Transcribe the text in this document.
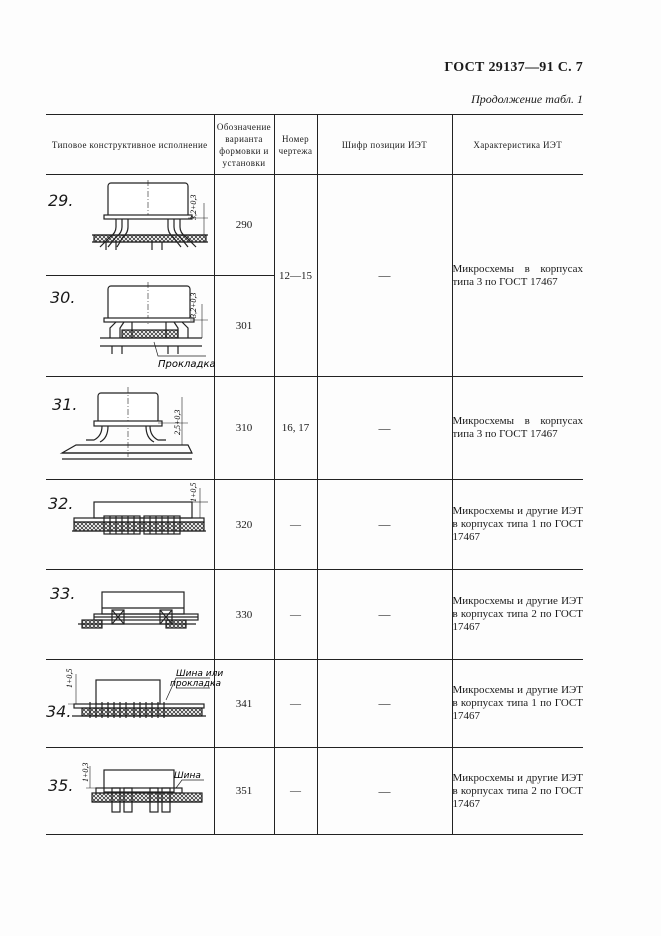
ГОСТ 29137—91 С. 7
Продолжение табл. 1
Типовое конструктивное исполнение	Обозначение варианта формовки и установки	Номер чертежа	Шифр позиции ИЭТ	Характеристика ИЭТ

29. 3,2+0,3	290	12—15	—	Микросхемы в корпусах типа 3 по ГОСТ 17467

30. 3,2+0,3
Прокладка	301			

31.
2,5+0,3	310	16, 17	—	Микросхемы в корпусах типа 3 по ГОСТ 17467

32.
1+0,5	320	—	—	Микросхемы и другие ИЭТ в корпусах типа 1 по ГОСТ 17467

33.	330	—	—	Микросхемы и другие ИЭТ в корпусах типа 2 по ГОСТ 17467

34.
1+0,5 Шина или
прокладка	341	—	—	Микросхемы и другие ИЭТ в корпусах типа 1 по ГОСТ 17467

35.
1+0,3 Шина	351	—	—	Микросхемы и другие ИЭТ в корпусах типа 2 по ГОСТ 17467
